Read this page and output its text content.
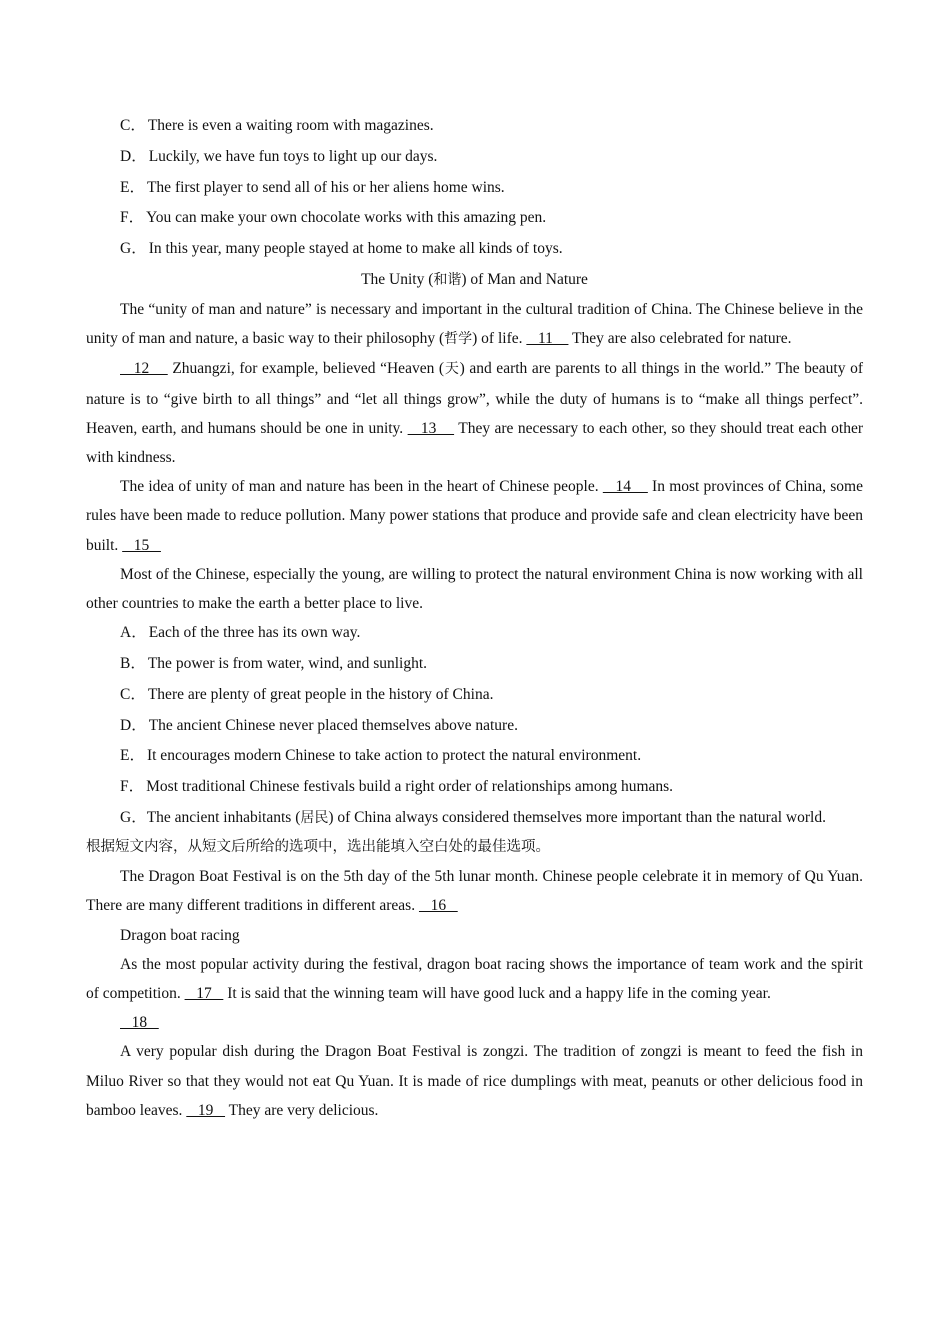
C． There is even a waiting room with magazines.

D． Luckily, we have fun toys to light up our days.

E． The first player to send all of his or her aliens home wins.

F． You can make your own chocolate works with this amazing pen.

G． In this year, many people stayed at home to make all kinds of toys.

The Unity (和谐) of Man and Nature

The “unity of man and nature” is necessary and important in the cultural tradition of China. The Chinese believe in the unity of man and nature, a basic way to their philosophy (哲学) of life.    11     They are also celebrated for nature.

12     Zhuangzi, for example, believed “Heaven (天) and earth are parents to all things in the world.” The beauty of nature is to “give birth to all things” and “let all things grow”, while the duty of humans is to “make all things perfect”. Heaven, earth, and humans should be one in unity.    13     They are necessary to each other, so they should treat each other with kindness.

The idea of unity of man and nature has been in the heart of Chinese people.    14     In most provinces of China, some rules have been made to reduce pollution. Many power stations that produce and provide safe and clean electricity have been built.    15

Most of the Chinese, especially the young, are willing to protect the natural environment China is now working with all other countries to make the earth a better place to live.

A． Each of the three has its own way.

B． The power is from water, wind, and sunlight.

C． There are plenty of great people in the history of China.

D． The ancient Chinese never placed themselves above nature.

E． It encourages modern Chinese to take action to protect the natural environment.

F． Most traditional Chinese festivals build a right order of relationships among humans.

G．The ancient inhabitants (居民) of China always considered themselves more important than the natural world.

根据短文内容，从短文后所给的选项中，选出能填入空白处的最佳选项。

The Dragon Boat Festival is on the 5th day of the 5th lunar month. Chinese people celebrate it in memory of Qu Yuan. There are many different traditions in different areas.    16

Dragon boat racing

As the most popular activity during the festival, dragon boat racing shows the importance of team work and the spirit of competition.    17    It is said that the winning team will have good luck and a happy life in the coming year.

18

A very popular dish during the Dragon Boat Festival is zongzi. The tradition of zongzi is meant to feed the fish in Miluo River so that they would not eat Qu Yuan. It is made of rice dumplings with meat, peanuts or other delicious food in bamboo leaves.    19    They are very delicious.
